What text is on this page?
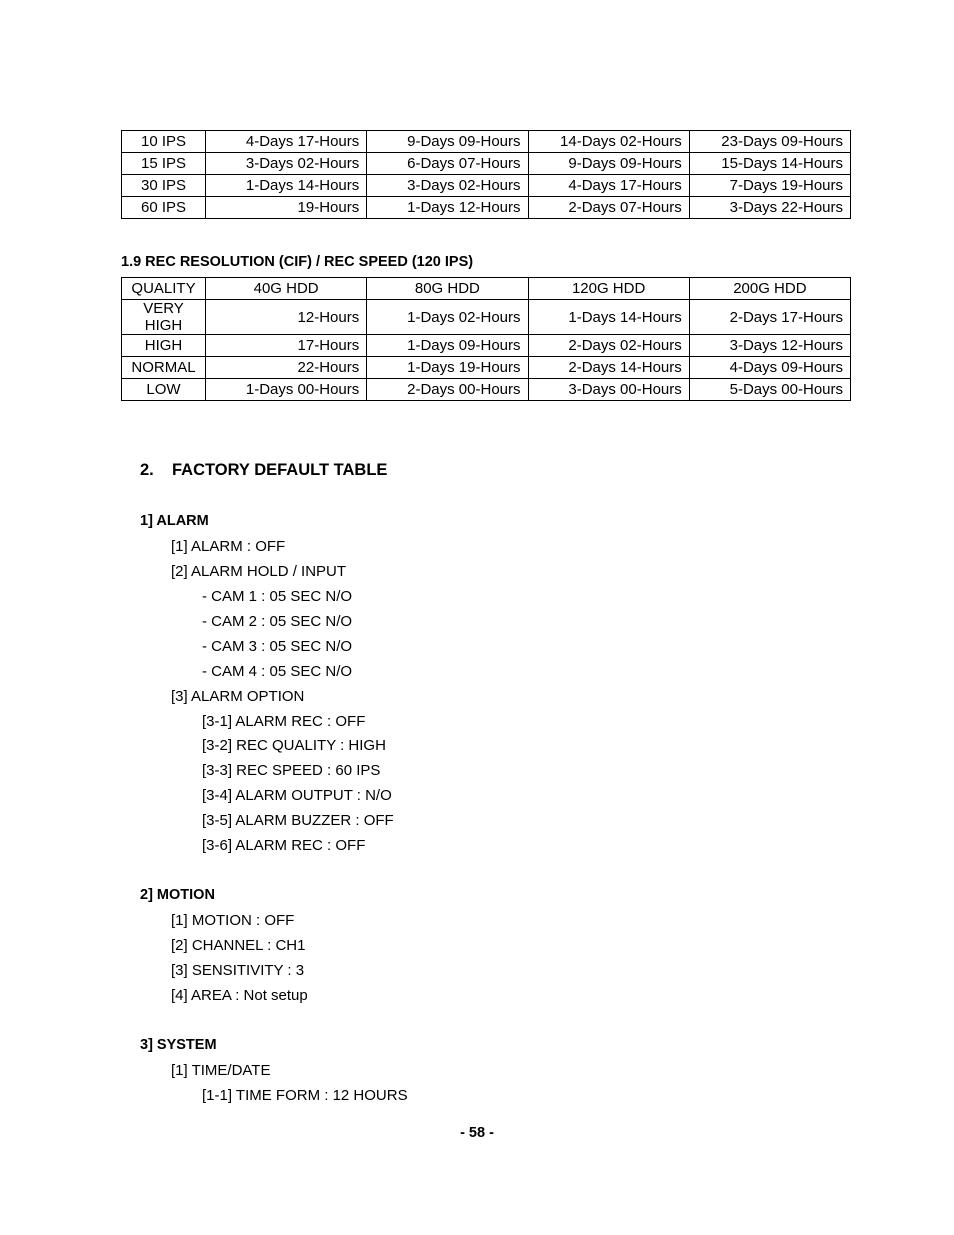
10 IPS	4-Days 17-Hours	9-Days 09-Hours	14-Days 02-Hours	23-Days 09-Hours
15 IPS	3-Days 02-Hours	6-Days 07-Hours	9-Days 09-Hours	15-Days 14-Hours
30 IPS	1-Days 14-Hours	3-Days 02-Hours	4-Days 17-Hours	7-Days 19-Hours
60 IPS	19-Hours	1-Days 12-Hours	2-Days 07-Hours	3-Days 22-Hours
1.9 REC RESOLUTION (CIF) / REC SPEED (120 IPS)
QUALITY	40G HDD	80G HDD	120G HDD	200G HDD

VERY
HIGH	12-Hours	1-Days 02-Hours	1-Days 14-Hours	2-Days 17-Hours
HIGH	17-Hours	1-Days 09-Hours	2-Days 02-Hours	3-Days 12-Hours
NORMAL	22-Hours	1-Days 19-Hours	2-Days 14-Hours	4-Days 09-Hours
LOW	1-Days 00-Hours	2-Days 00-Hours	3-Days 00-Hours	5-Days 00-Hours
2. FACTORY DEFAULT TABLE
1] ALARM
[1] ALARM : OFF
[2] ALARM HOLD / INPUT
- CAM 1 : 05 SEC N/O
- CAM 2 : 05 SEC N/O
- CAM 3 : 05 SEC N/O
- CAM 4 : 05 SEC N/O
[3] ALARM OPTION
[3-1] ALARM REC : OFF
[3-2] REC QUALITY : HIGH
[3-3] REC SPEED : 60 IPS
[3-4] ALARM OUTPUT : N/O
[3-5] ALARM BUZZER : OFF
[3-6] ALARM REC : OFF
2] MOTION
[1] MOTION : OFF
[2] CHANNEL : CH1
[3] SENSITIVITY : 3
[4] AREA : Not setup
3] SYSTEM
[1] TIME/DATE
[1-1] TIME FORM : 12 HOURS
- 58 -
